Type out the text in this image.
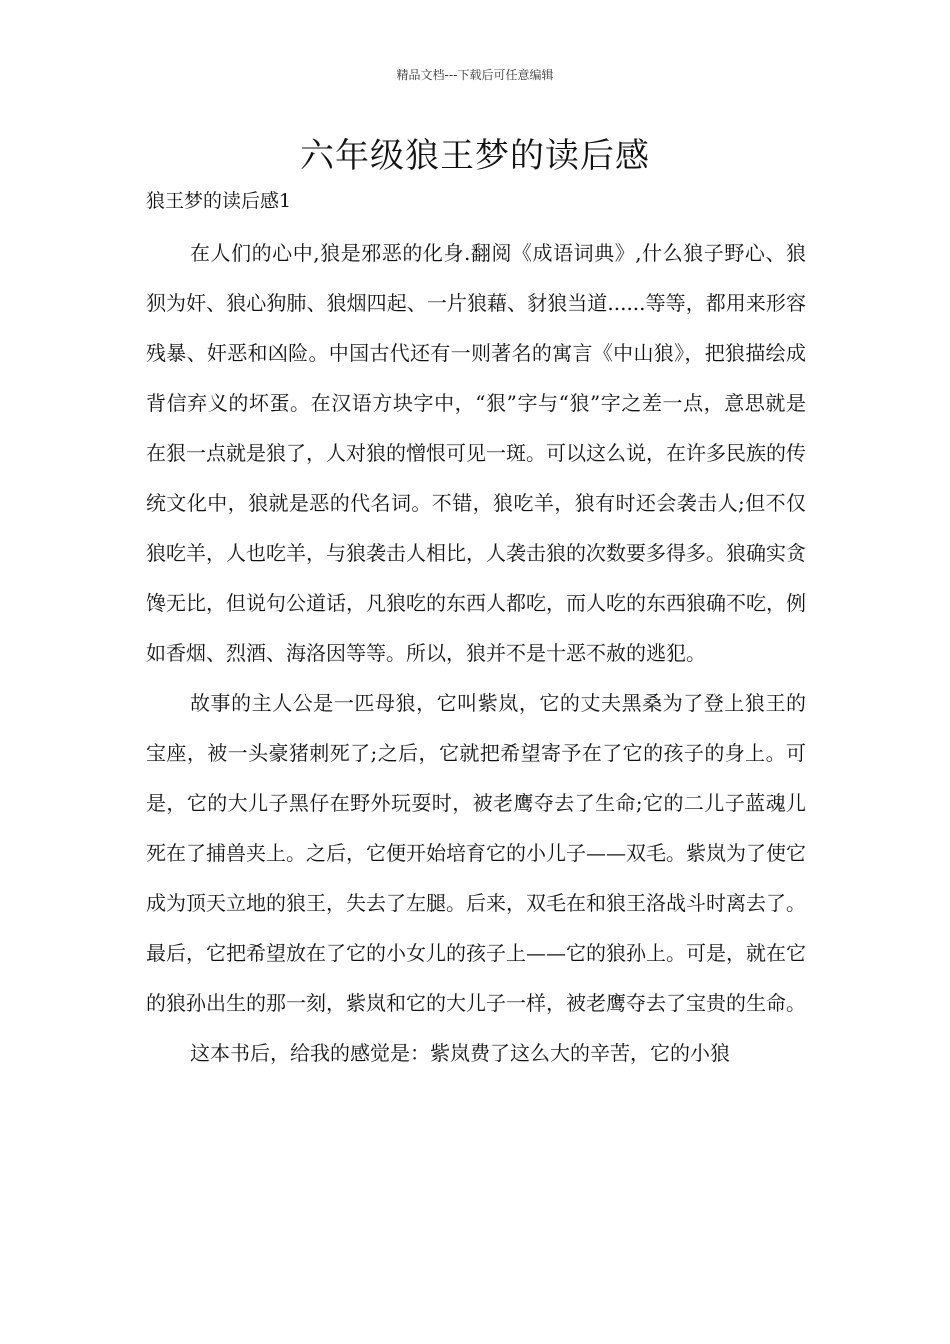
精品文档---下载后可任意编辑
六年级狼王梦的读后感

狼王梦的读后感1

在人们的心中,狼是邪恶的化身.翻阅《成语词典》,什么狼子野心、狼狈为奸、狼心狗肺、狼烟四起、一片狼藉、豺狼当道......等等，都用来形容残暴、奸恶和凶险。中国古代还有一则著名的寓言《中山狼》，把狼描绘成背信弃义的坏蛋。在汉语方块字中，“狠”字与“狼”字之差一点，意思就是在狠一点就是狼了，人对狼的憎恨可见一斑。可以这么说，在许多民族的传统文化中，狼就是恶的代名词。不错，狼吃羊，狼有时还会袭击人;但不仅狼吃羊，人也吃羊，与狼袭击人相比，人袭击狼的次数要多得多。狼确实贪馋无比，但说句公道话，凡狼吃的东西人都吃，而人吃的东西狼确不吃，例如香烟、烈酒、海洛因等等。所以，狼并不是十恶不赦的逃犯。

故事的主人公是一匹母狼，它叫紫岚，它的丈夫黑桑为了登上狼王的宝座，被一头豪猪刺死了;之后，它就把希望寄予在了它的孩子的身上。可是，它的大儿子黑仔在野外玩耍时，被老鹰夺去了生命;它的二儿子蓝魂儿死在了捕兽夹上。之后，它便开始培育它的小儿子——双毛。紫岚为了使它成为顶天立地的狼王，失去了左腿。后来，双毛在和狼王洛战斗时离去了。最后，它把希望放在了它的小女儿的孩子上——它的狼孙上。可是，就在它的狼孙出生的那一刻，紫岚和它的大儿子一样，被老鹰夺去了宝贵的生命。

这本书后，给我的感觉是：紫岚费了这么大的辛苦，它的小狼
